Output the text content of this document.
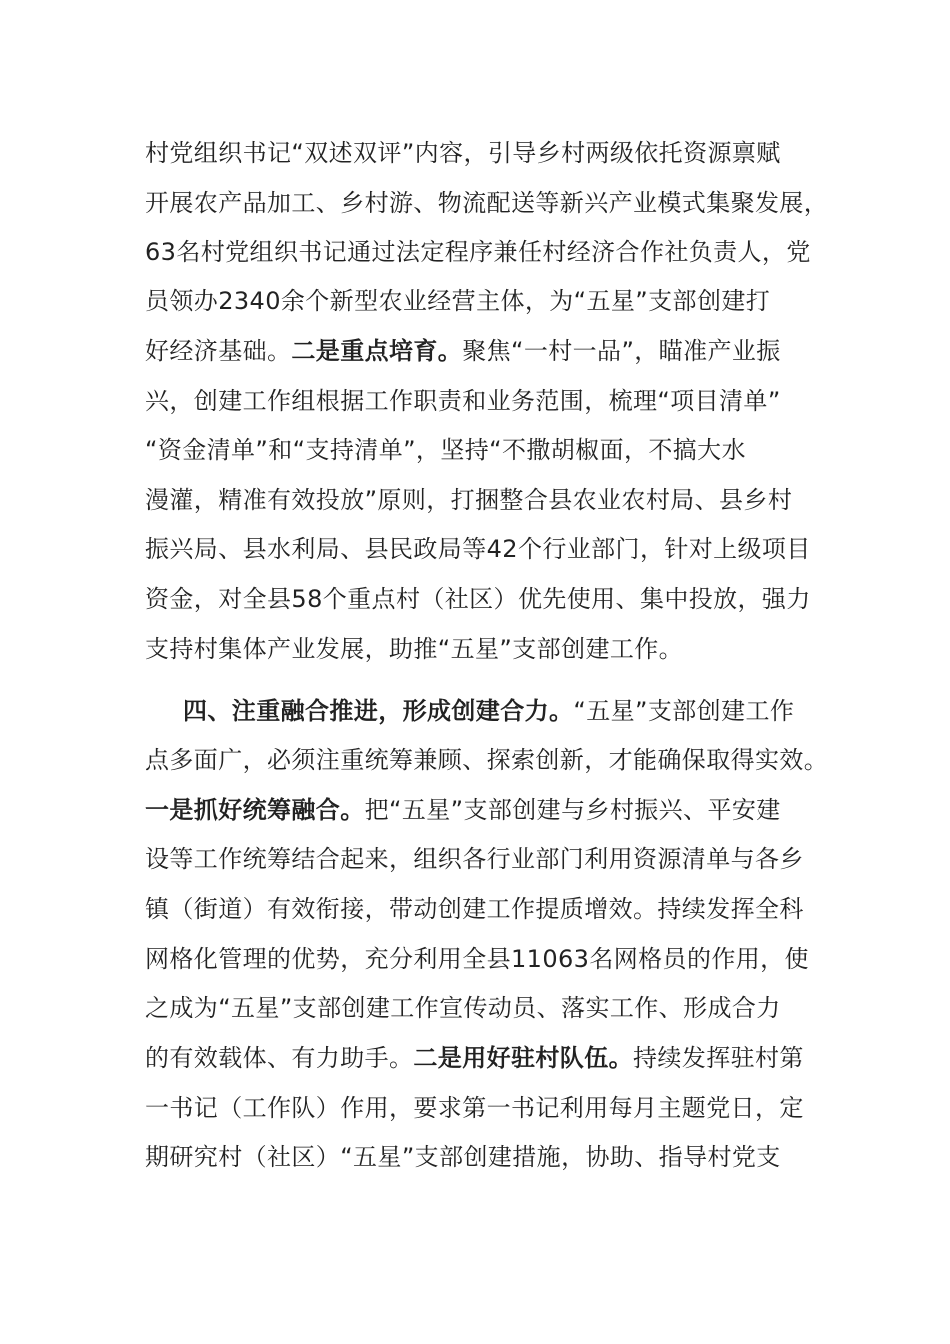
村党组织书记“双述双评”内容，引导乡村两级依托资源禀赋
开展农产品加工、乡村游、物流配送等新兴产业模式集聚发展，
63名村党组织书记通过法定程序兼任村经济合作社负责人，党
员领办2340余个新型农业经营主体，为“五星”支部创建打
好经济基础。二是重点培育。聚焦“一村一品”，瞄准产业振
兴，创建工作组根据工作职责和业务范围，梳理“项目清单”
“资金清单”和“支持清单”，坚持“不撒胡椒面，不搞大水
漫灌，精准有效投放”原则，打捆整合县农业农村局、县乡村
振兴局、县水利局、县民政局等42个行业部门，针对上级项目
资金，对全县58个重点村（社区）优先使用、集中投放，强力
支持村集体产业发展，助推“五星”支部创建工作。
四、注重融合推进，形成创建合力。“五星”支部创建工作
点多面广，必须注重统筹兼顾、探索创新，才能确保取得实效。
一是抓好统筹融合。把“五星”支部创建与乡村振兴、平安建
设等工作统筹结合起来，组织各行业部门利用资源清单与各乡
镇（街道）有效衔接，带动创建工作提质增效。持续发挥全科
网格化管理的优势，充分利用全县11063名网格员的作用，使
之成为“五星”支部创建工作宣传动员、落实工作、形成合力
的有效载体、有力助手。二是用好驻村队伍。持续发挥驻村第
一书记（工作队）作用，要求第一书记利用每月主题党日，定
期研究村（社区）“五星”支部创建措施，协助、指导村党支
